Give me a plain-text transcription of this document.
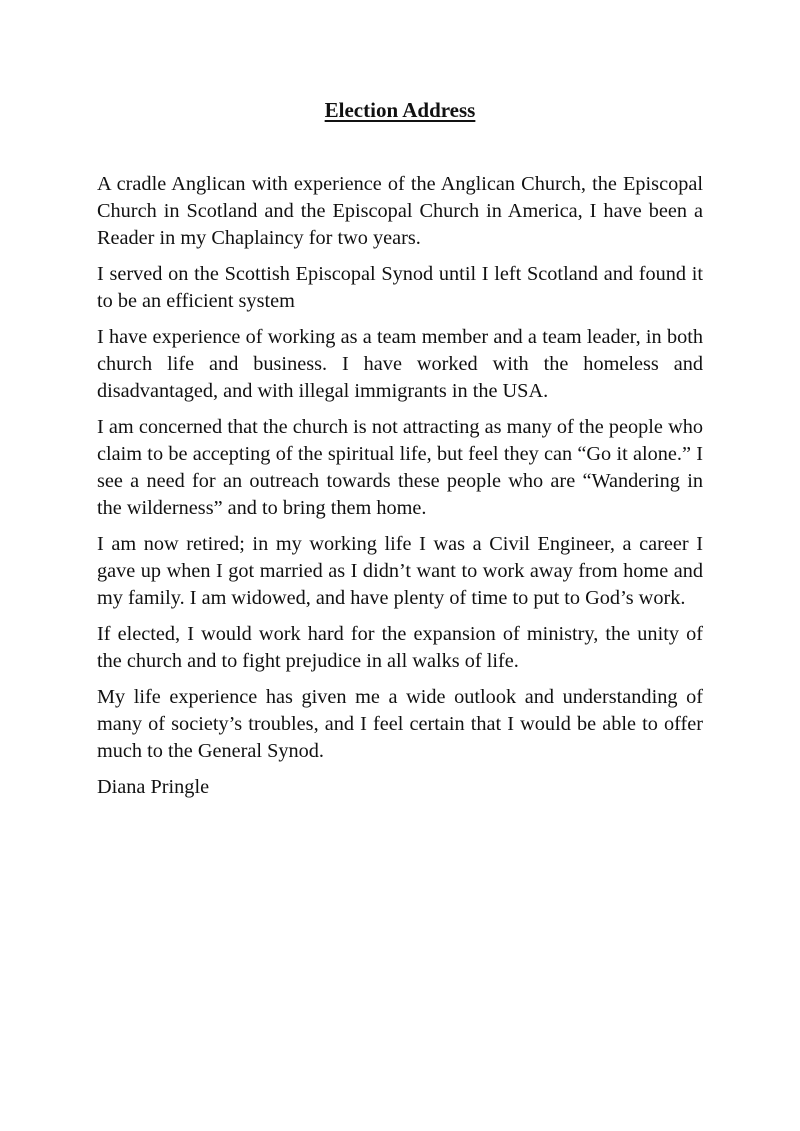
Election Address

A cradle Anglican with experience of the Anglican Church, the Episcopal Church in Scotland and the Episcopal Church in America, I have been a Reader in my Chaplaincy for two years.

I served on the Scottish Episcopal Synod until I left Scotland and found it to be an efficient system

I have experience of working as a team member and a team leader, in both church life and business. I have worked with the homeless and disadvantaged, and with illegal immigrants in the USA.

I am concerned that the church is not attracting as many of the people who claim to be accepting of the spiritual life, but feel they can “Go it alone.” I see a need for an outreach towards these people who are “Wandering in the wilderness” and to bring them home.

I am now retired; in my working life I was a Civil Engineer, a career I gave up when I got married as I didn’t want to work away from home and my family. I am widowed, and have plenty of time to put to God’s work.

If elected, I would work hard for the expansion of ministry, the unity of the church and to fight prejudice in all walks of life.

My life experience has given me a wide outlook and understanding of many of society’s troubles, and I feel certain that I would be able to offer much to the General Synod.

Diana Pringle
